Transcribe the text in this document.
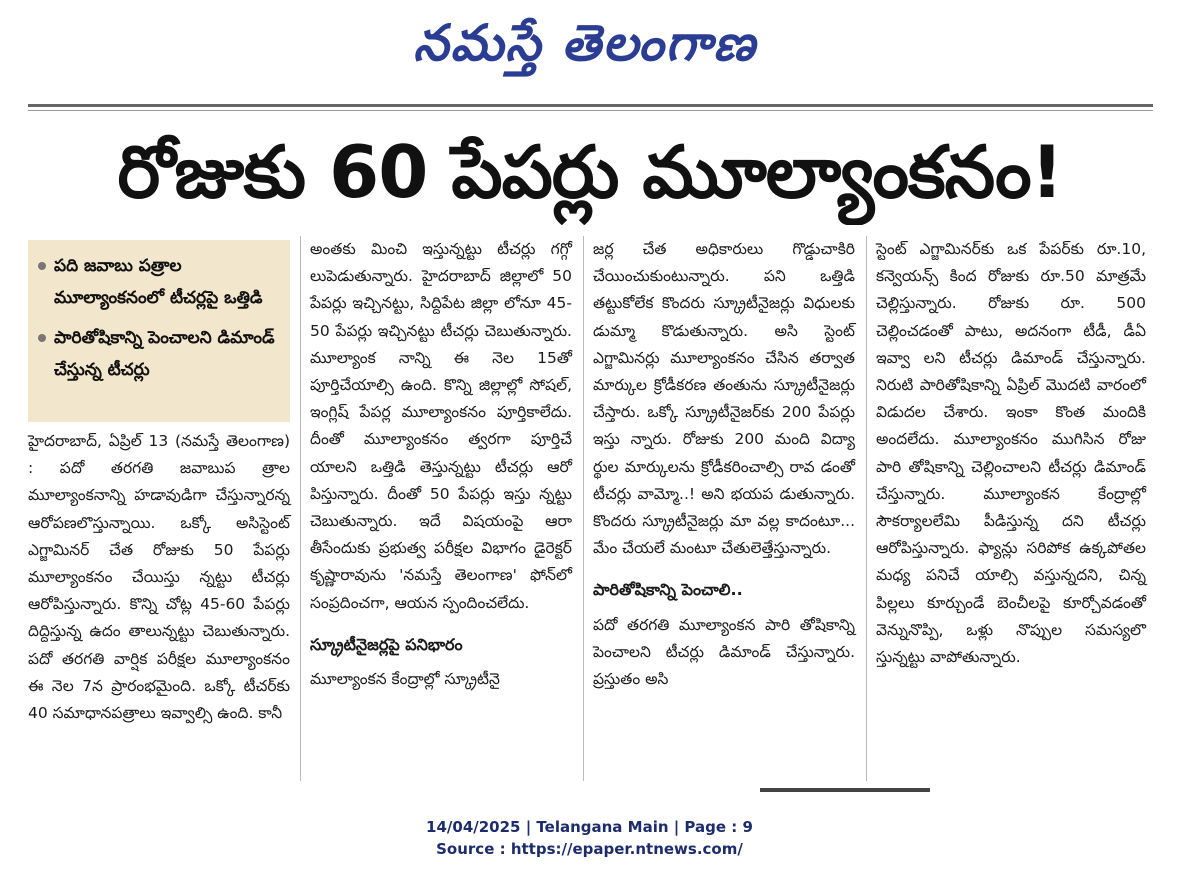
నమస్తే తెలంగాణ
రోజుకు 60 పేపర్లు మూల్యాంకనం!
పది జవాబు పత్రాల మూల్యాంకనంలో టీచర్లపై ఒత్తిడి
పారితోషికాన్ని పెంచాలని డిమాండ్ చేస్తున్న టీచర్లు

హైదరాబాద్, ఏప్రిల్ 13 (నమస్తే తెలంగాణ) : పదో తరగతి జవాబుప త్రాల మూల్యాంకనాన్ని హడావుడిగా చేస్తున్నారన్న ఆరోపణలొస్తున్నాయి. ఒక్కో అసిస్టెంట్ ఎగ్జామినర్ చేత రోజుకు 50 పేపర్లు మూల్యాంకనం చేయిస్తు న్నట్టు టీచర్లు ఆరోపిస్తున్నారు. కొన్ని చోట్ల 45-60 పేపర్లు దిద్దిస్తున్న ఉదం తాలున్నట్టు చెబుతున్నారు. పదో తరగతి వార్షిక పరీక్షల మూల్యాంకనం ఈ నెల 7న ప్రారంభమైంది. ఒక్కో టీచర్‌కు 40 సమాధానపత్రాలు ఇవ్వాల్సి ఉంది. కానీ

అంతకు మించి ఇస్తున్నట్టు టీచర్లు గగ్గో లుపెడుతున్నారు. హైదరాబాద్ జిల్లాలో 50 పేపర్లు ఇచ్చినట్టు, సిద్దిపేట జిల్లా లోనూ 45-50 పేపర్లు ఇచ్చినట్టు టీచర్లు చెబుతున్నారు. మూల్యాంక నాన్ని ఈ నెల 15తో పూర్తిచేయాల్సి ఉంది. కొన్ని జిల్లాల్లో సోషల్, ఇంగ్లిష్ పేపర్ల మూల్యాంకనం పూర్తికాలేదు. దీంతో మూల్యాంకనం త్వరగా పూర్తిచే యాలని ఒత్తిడి తెస్తున్నట్టు టీచర్లు ఆరో పిస్తున్నారు. దీంతో 50 పేపర్లు ఇస్తు న్నట్టు చెబుతున్నారు. ఇదే విషయంపై ఆరా తీసేందుకు ప్రభుత్వ పరీక్షల విభాగం డైరెక్టర్ కృష్ణారావును 'నమస్తే తెలంగాణ' ఫోన్‌లో సంప్రదించగా, ఆయన స్పందించలేదు.

స్క్రూటీనైజర్లపై పనిభారం

మూల్యాంకన కేంద్రాల్లో స్క్రూటీనై

జర్ల చేత అధికారులు గొడ్డుచాకిరి చేయించుకుంటున్నారు. పని ఒత్తిడి తట్టుకోలేక కొందరు స్క్రూటీనైజర్లు విధులకు డుమ్మా కొడుతున్నారు. అసి స్టెంట్ ఎగ్జామినర్లు మూల్యాంకనం చేసిన తర్వాత మార్కుల క్రోడీకరణ తంతును స్క్రూటీనైజర్లు చేస్తారు. ఒక్కో స్క్రూటీనైజర్‌కు 200 పేపర్లు ఇస్తు న్నారు. రోజుకు 200 మంది విద్యా ర్థుల మార్కులను క్రోడీకరించాల్సి రావ డంతో టీచర్లు వామ్మో..! అని భయప డుతున్నారు. కొందరు స్క్రూటీనైజర్లు మా వల్ల కాదంటూ... మేం చేయలే మంటూ చేతులెత్తేస్తున్నారు.

పారితోషికాన్ని పెంచాలి..

పదో తరగతి మూల్యాంకన పారి తోషికాన్ని పెంచాలని టీచర్లు డిమాండ్ చేస్తున్నారు. ప్రస్తుతం అసి

స్టెంట్ ఎగ్జామినర్‌కు ఒక పేపర్‌కు రూ.10, కన్వెయన్స్ కింద రోజుకు రూ.50 మాత్రమే చెల్లిస్తున్నారు. రోజుకు రూ. 500 చెల్లించడంతో పాటు, అదనంగా టీడీ, డీఏ ఇవ్వా లని టీచర్లు డిమాండ్ చేస్తున్నారు. నిరుటి పారితోషికాన్ని ఏప్రిల్ మొదటి వారంలో విడుదల చేశారు. ఇంకా కొంత మందికి అందలేదు. మూల్యాంకనం ముగిసిన రోజు పారి తోషికాన్ని చెల్లించాలని టీచర్లు డిమాండ్ చేస్తున్నారు. మూల్యాంకన కేంద్రాల్లో సౌకర్యాలలేమి పీడిస్తున్న దని టీచర్లు ఆరోపిస్తున్నారు. ఫ్యాన్లు సరిపోక ఉక్కపోతల మధ్య పనిచే యాల్సి వస్తున్నదని, చిన్న పిల్లలు కూర్చుండే బెంచీలపై కూర్చోవడంతో వెన్నునొప్పి, ఒళ్లు నొప్పుల సమస్యలొ స్తున్నట్టు వాపోతున్నారు.

14/04/2025 | Telangana Main | Page : 9
Source : https://epaper.ntnews.com/
